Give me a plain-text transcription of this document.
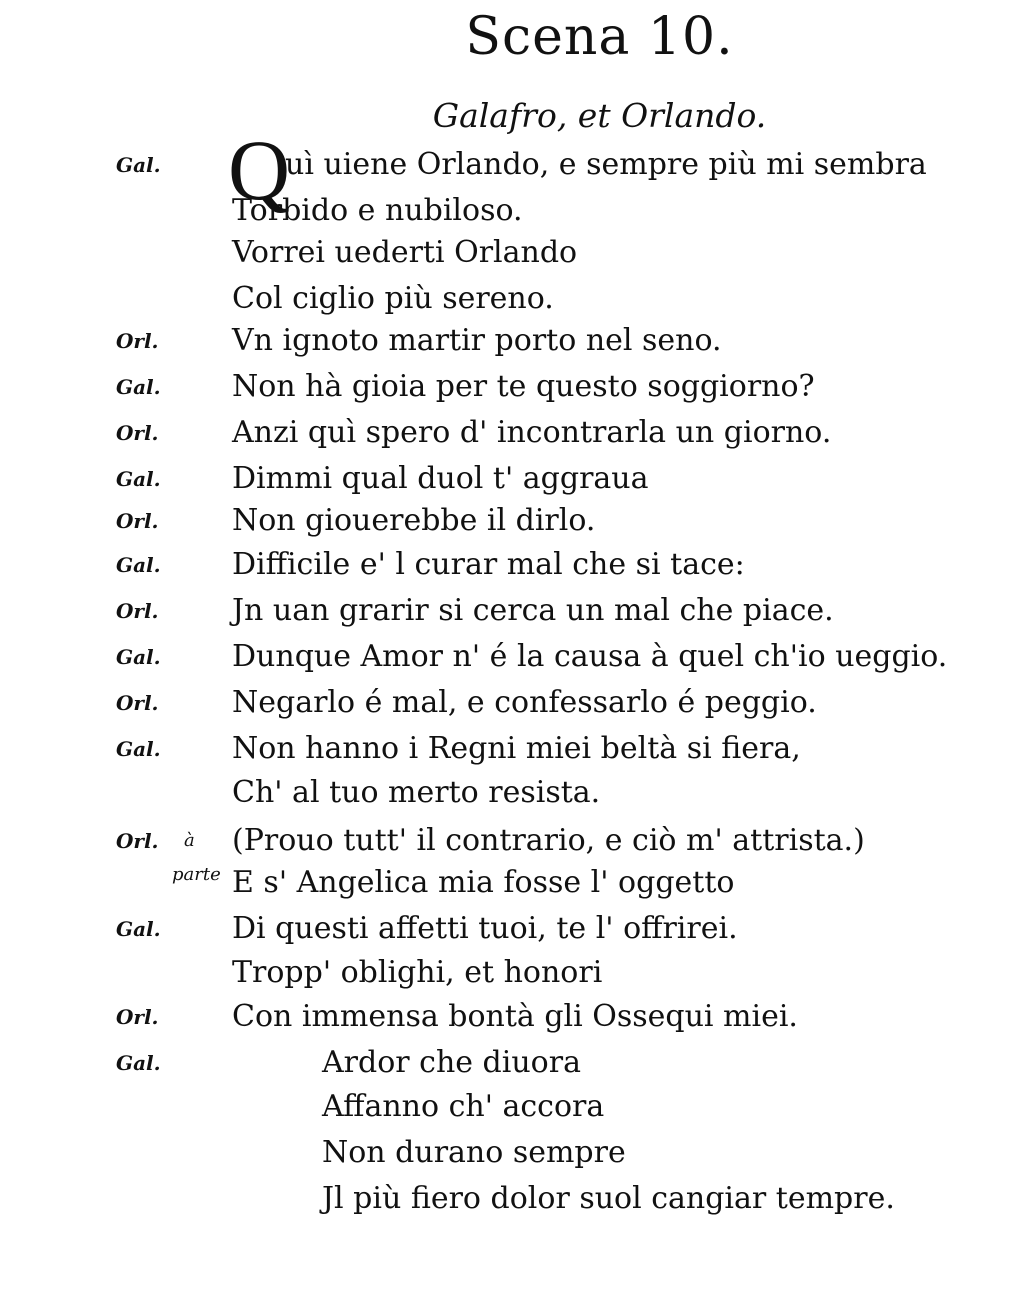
Scena 10.
Galafro, et Orlando.
Gal. Q
uì uiene Orlando, e sempre più mi sembra
Torbido e nubiloso.
Vorrei uederti Orlando
Col ciglio più sereno.
Orl. Vn ignoto martir porto nel seno.
Gal. Non hà gioia per te questo soggiorno?
Orl. Anzi quì spero d' incontrarla un giorno.
Gal. Dimmi qual duol t' aggraua
Orl. Non giouerebbe il dirlo.
Gal. Difficile e' l curar mal che si tace:
Orl. Jn uan grarir si cerca un mal che piace.
Gal. Dunque Amor n' é la causa à quel ch'io ueggio.
Orl. Negarlo é mal, e confessarlo é peggio.
Gal. Non hanno i Regni miei beltà si fiera,
Ch' al tuo merto resista.
Orl. à (Prouo tutt' il contrario, e ciò m' attrista.)
parte E s' Angelica mia fosse l' oggetto
Gal. Di questi affetti tuoi, te l' offrirei.
Tropp' oblighi, et honori
Orl. Con immensa bontà gli Ossequi miei.
Gal.	Ardor che diuora
Affanno ch' accora
Non durano sempre
Jl più fiero dolor suol cangiar tempre.
